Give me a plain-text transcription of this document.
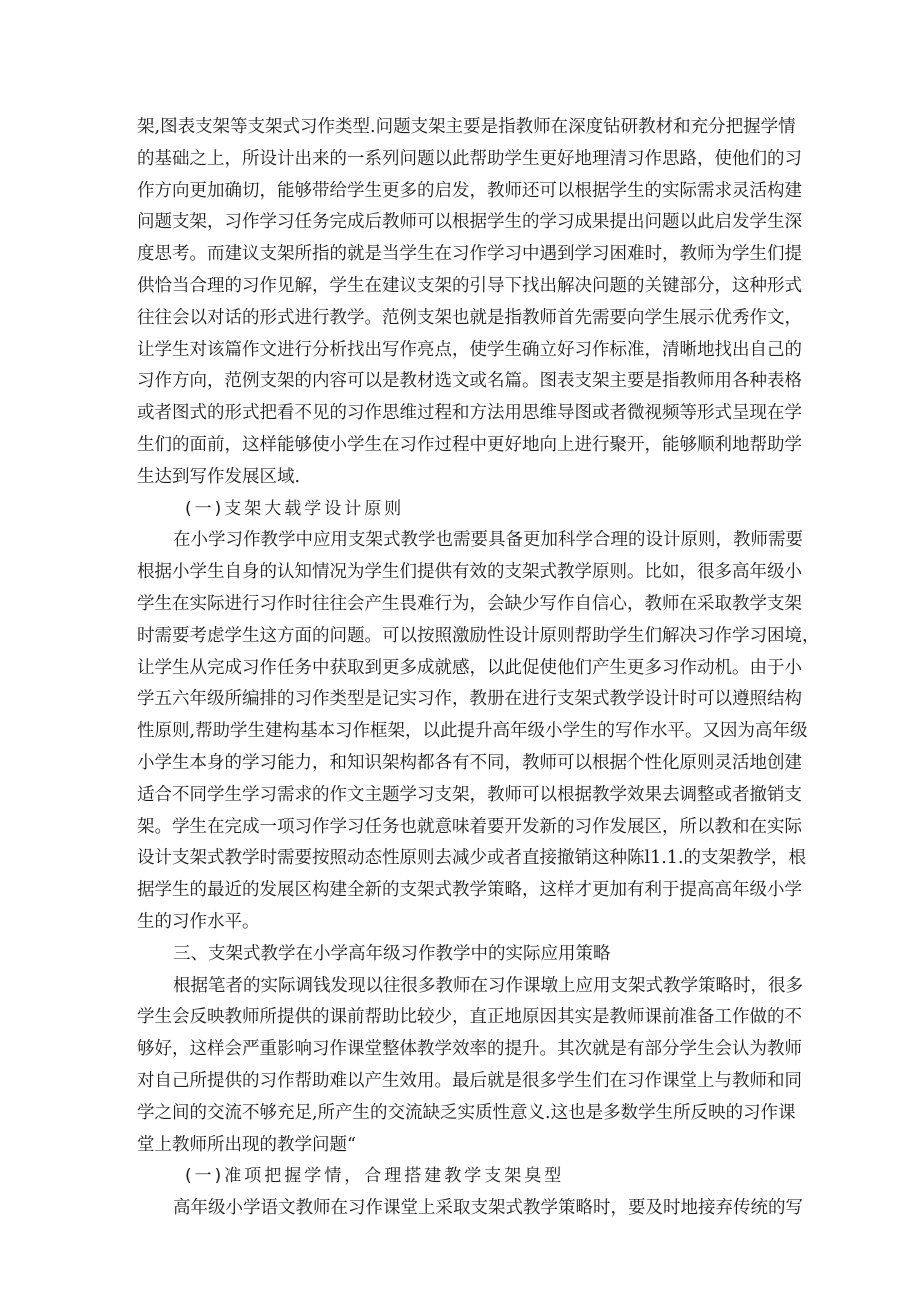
架,图表支架等支架式习作类型.问题支架主要是指教师在深度钻研教材和充分把握学情
的基础之上，所设计出来的一系列问题以此帮助学生更好地理清习作思路，使他们的习
作方向更加确切，能够带给学生更多的启发，教师还可以根据学生的实际需求灵活构建
问题支架，习作学习任务完成后教师可以根据学生的学习成果提出问题以此启发学生深
度思考。而建议支架所指的就是当学生在习作学习中遇到学习困难时，教师为学生们提
供恰当合理的习作见解，学生在建议支架的引导下找出解决问题的关键部分，这种形式
往往会以对话的形式进行教学。范例支架也就是指教师首先需要向学生展示优秀作文，
让学生对该篇作文进行分析找出写作亮点，使学生确立好习作标准，清晰地找出自己的
习作方向，范例支架的内容可以是教材选文或名篇。图表支架主要是指教师用各种表格
或者图式的形式把看不见的习作思维过程和方法用思维导图或者微视频等形式呈现在学
生们的面前，这样能够使小学生在习作过程中更好地向上进行聚开，能够顺利地帮助学
生达到写作发展区域.
(一)支架大载学设计原则
在小学习作教学中应用支架式教学也需要具备更加科学合理的设计原则，教师需要
根据小学生自身的认知情况为学生们提供有效的支架式教学原则。比如，很多高年级小
学生在实际进行习作时往往会产生畏难行为，会缺少写作自信心，教师在采取教学支架
时需要考虑学生这方面的问题。可以按照激励性设计原则帮助学生们解决习作学习困境，
让学生从完成习作任务中获取到更多成就感，以此促使他们产生更多习作动机。由于小
学五六年级所编排的习作类型是记实习作，教册在进行支架式教学设计时可以遵照结构
性原则,帮助学生建构基本习作框架，以此提升高年级小学生的写作水平。又因为高年级
小学生本身的学习能力，和知识架构都各有不同，教师可以根据个性化原则灵活地创建
适合不同学生学习需求的作文主题学习支架，教师可以根据教学效果去调整或者撤销支
架。学生在完成一项习作学习任务也就意味着要开发新的习作发展区，所以教和在实际
设计支架式教学时需要按照动态性原则去减少或者直接撤销这种陈l1.1.的支架教学，根
据学生的最近的发展区构建全新的支架式教学策略，这样才更加有利于提高高年级小学
生的习作水平。
三、支架式教学在小学高年级习作教学中的实际应用策略
根据笔者的实际调钱发现以往很多教师在习作课墩上应用支架式教学策略时，很多
学生会反映教师所提供的课前帮助比较少，直正地原因其实是教师课前准备工作做的不
够好，这样会严重影响习作课堂整体教学效率的提升。其次就是有部分学生会认为教师
对自己所提供的习作帮助难以产生效用。最后就是很多学生们在习作课堂上与教师和同
学之间的交流不够充足,所产生的交流缺乏实质性意义.这也是多数学生所反映的习作课
堂上教师所出现的教学问题“
(一)准项把握学情，合理搭建教学支架臭型
高年级小学语文教师在习作课堂上采取支架式教学策略时，要及时地接弃传统的写
